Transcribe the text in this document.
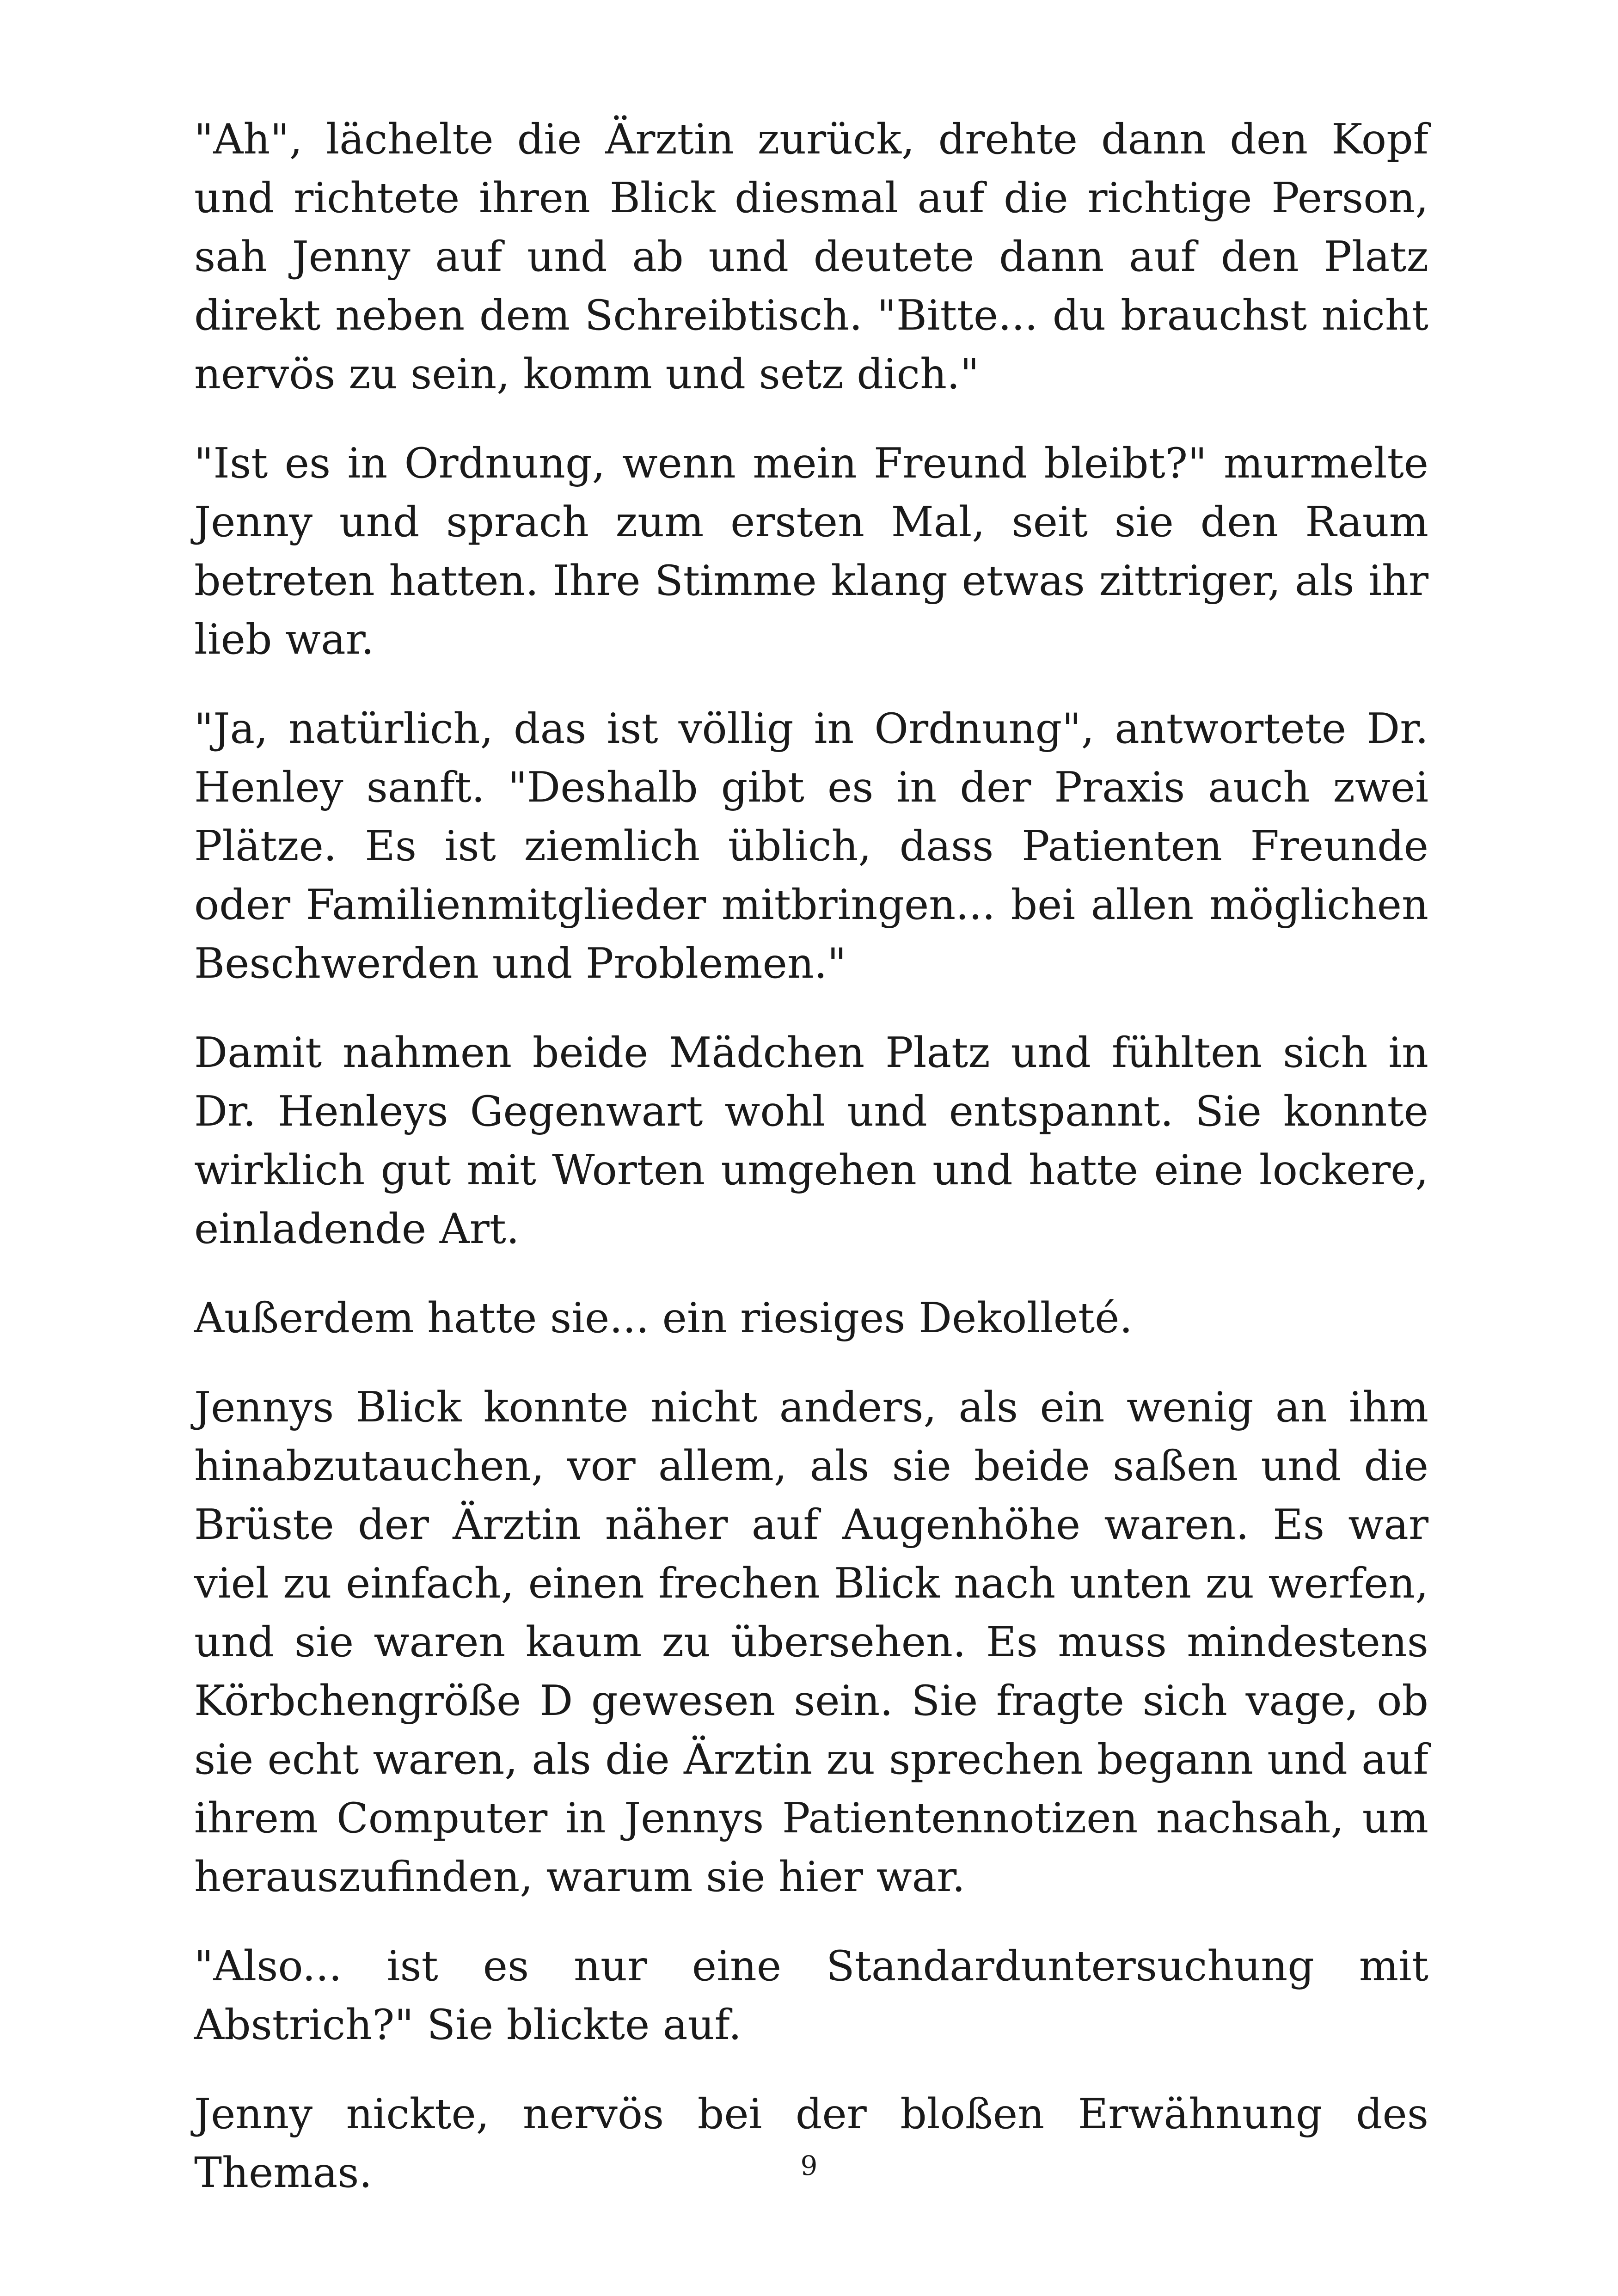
"Ah", lächelte die Ärztin zurück, drehte dann den Kopf und richtete ihren Blick diesmal auf die richtige Person, sah Jenny auf und ab und deutete dann auf den Platz direkt neben dem Schreibtisch. "Bitte... du brauchst nicht nervös zu sein, komm und setz dich."

"Ist es in Ordnung, wenn mein Freund bleibt?" murmelte Jenny und sprach zum ersten Mal, seit sie den Raum betreten hatten. Ihre Stimme klang etwas zittriger, als ihr lieb war.

"Ja, natürlich, das ist völlig in Ordnung", antwortete Dr. Henley sanft. "Deshalb gibt es in der Praxis auch zwei Plätze. Es ist ziemlich üblich, dass Patienten Freunde oder Familienmitglieder mitbringen... bei allen möglichen Beschwerden und Problemen."

Damit nahmen beide Mädchen Platz und fühlten sich in Dr. Henleys Gegenwart wohl und entspannt. Sie konnte wirklich gut mit Worten umgehen und hatte eine lockere, einladende Art.

Außerdem hatte sie... ein riesiges Dekolleté.

Jennys Blick konnte nicht anders, als ein wenig an ihm hinabzutauchen, vor allem, als sie beide saßen und die Brüste der Ärztin näher auf Augenhöhe waren. Es war viel zu einfach, einen frechen Blick nach unten zu werfen, und sie waren kaum zu übersehen. Es muss mindestens Körbchengröße D gewesen sein. Sie fragte sich vage, ob sie echt waren, als die Ärztin zu sprechen begann und auf ihrem Computer in Jennys Patientennotizen nachsah, um herauszufinden, warum sie hier war.

"Also... ist es nur eine Standarduntersuchung mit Abstrich?" Sie blickte auf.

Jenny nickte, nervös bei der bloßen Erwähnung des Themas.	9
